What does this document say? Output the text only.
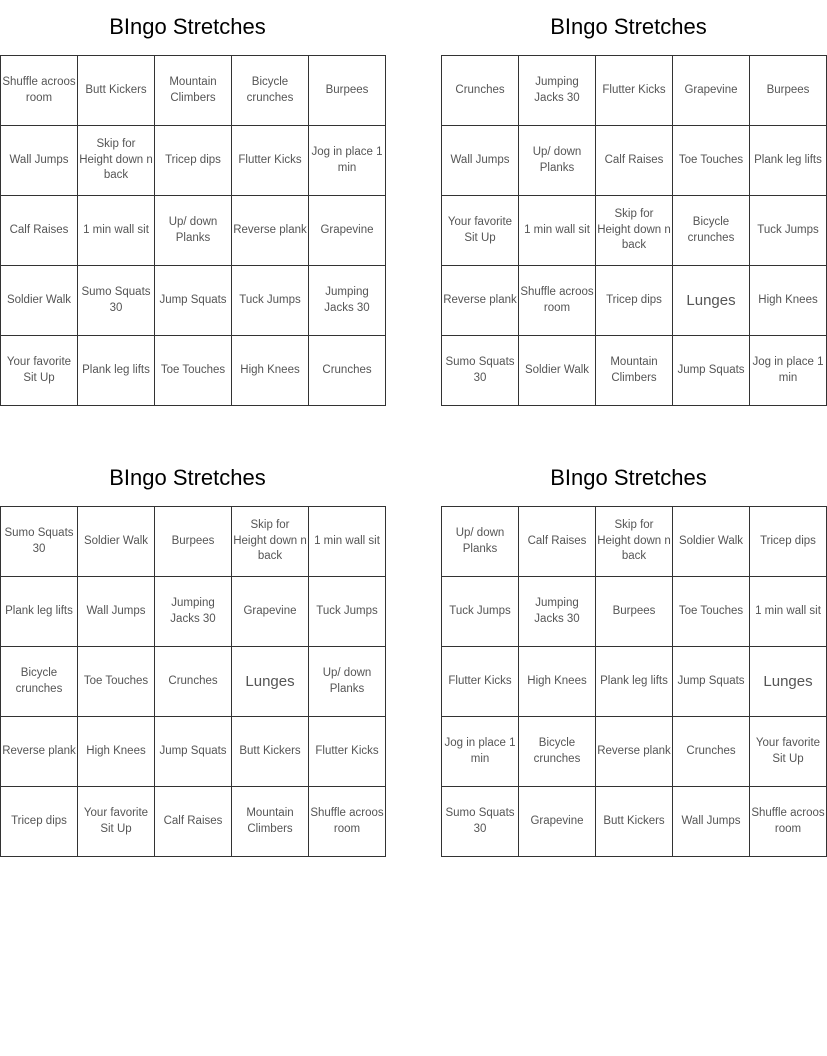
BIngo Stretches
Shuffle acroos room	Butt Kickers	Mountain Climbers	Bicycle crunches	Burpees
Wall Jumps	Skip for Height down n back	Tricep dips	Flutter Kicks	Jog in place 1 min
Calf Raises	1 min wall sit	Up/ down Planks	Reverse plank	Grapevine
Soldier Walk	Sumo Squats 30	Jump Squats	Tuck Jumps	Jumping Jacks 30
Your favorite Sit Up	Plank leg lifts	Toe Touches	High Knees	Crunches
BIngo Stretches
Crunches	Jumping Jacks 30	Flutter Kicks	Grapevine	Burpees
Wall Jumps	Up/ down Planks	Calf Raises	Toe Touches	Plank leg lifts
Your favorite Sit Up	1 min wall sit	Skip for Height down n back	Bicycle crunches	Tuck Jumps
Reverse plank	Shuffle acroos room	Tricep dips	Lunges	High Knees
Sumo Squats 30	Soldier Walk	Mountain Climbers	Jump Squats	Jog in place 1 min
BIngo Stretches
Sumo Squats 30	Soldier Walk	Burpees	Skip for Height down n back	1 min wall sit
Plank leg lifts	Wall Jumps	Jumping Jacks 30	Grapevine	Tuck Jumps
Bicycle crunches	Toe Touches	Crunches	Lunges	Up/ down Planks
Reverse plank	High Knees	Jump Squats	Butt Kickers	Flutter Kicks
Tricep dips	Your favorite Sit Up	Calf Raises	Mountain Climbers	Shuffle acroos room
BIngo Stretches
Up/ down Planks	Calf Raises	Skip for Height down n back	Soldier Walk	Tricep dips
Tuck Jumps	Jumping Jacks 30	Burpees	Toe Touches	1 min wall sit
Flutter Kicks	High Knees	Plank leg lifts	Jump Squats	Lunges
Jog in place 1 min	Bicycle crunches	Reverse plank	Crunches	Your favorite Sit Up
Sumo Squats 30	Grapevine	Butt Kickers	Wall Jumps	Shuffle acroos room
